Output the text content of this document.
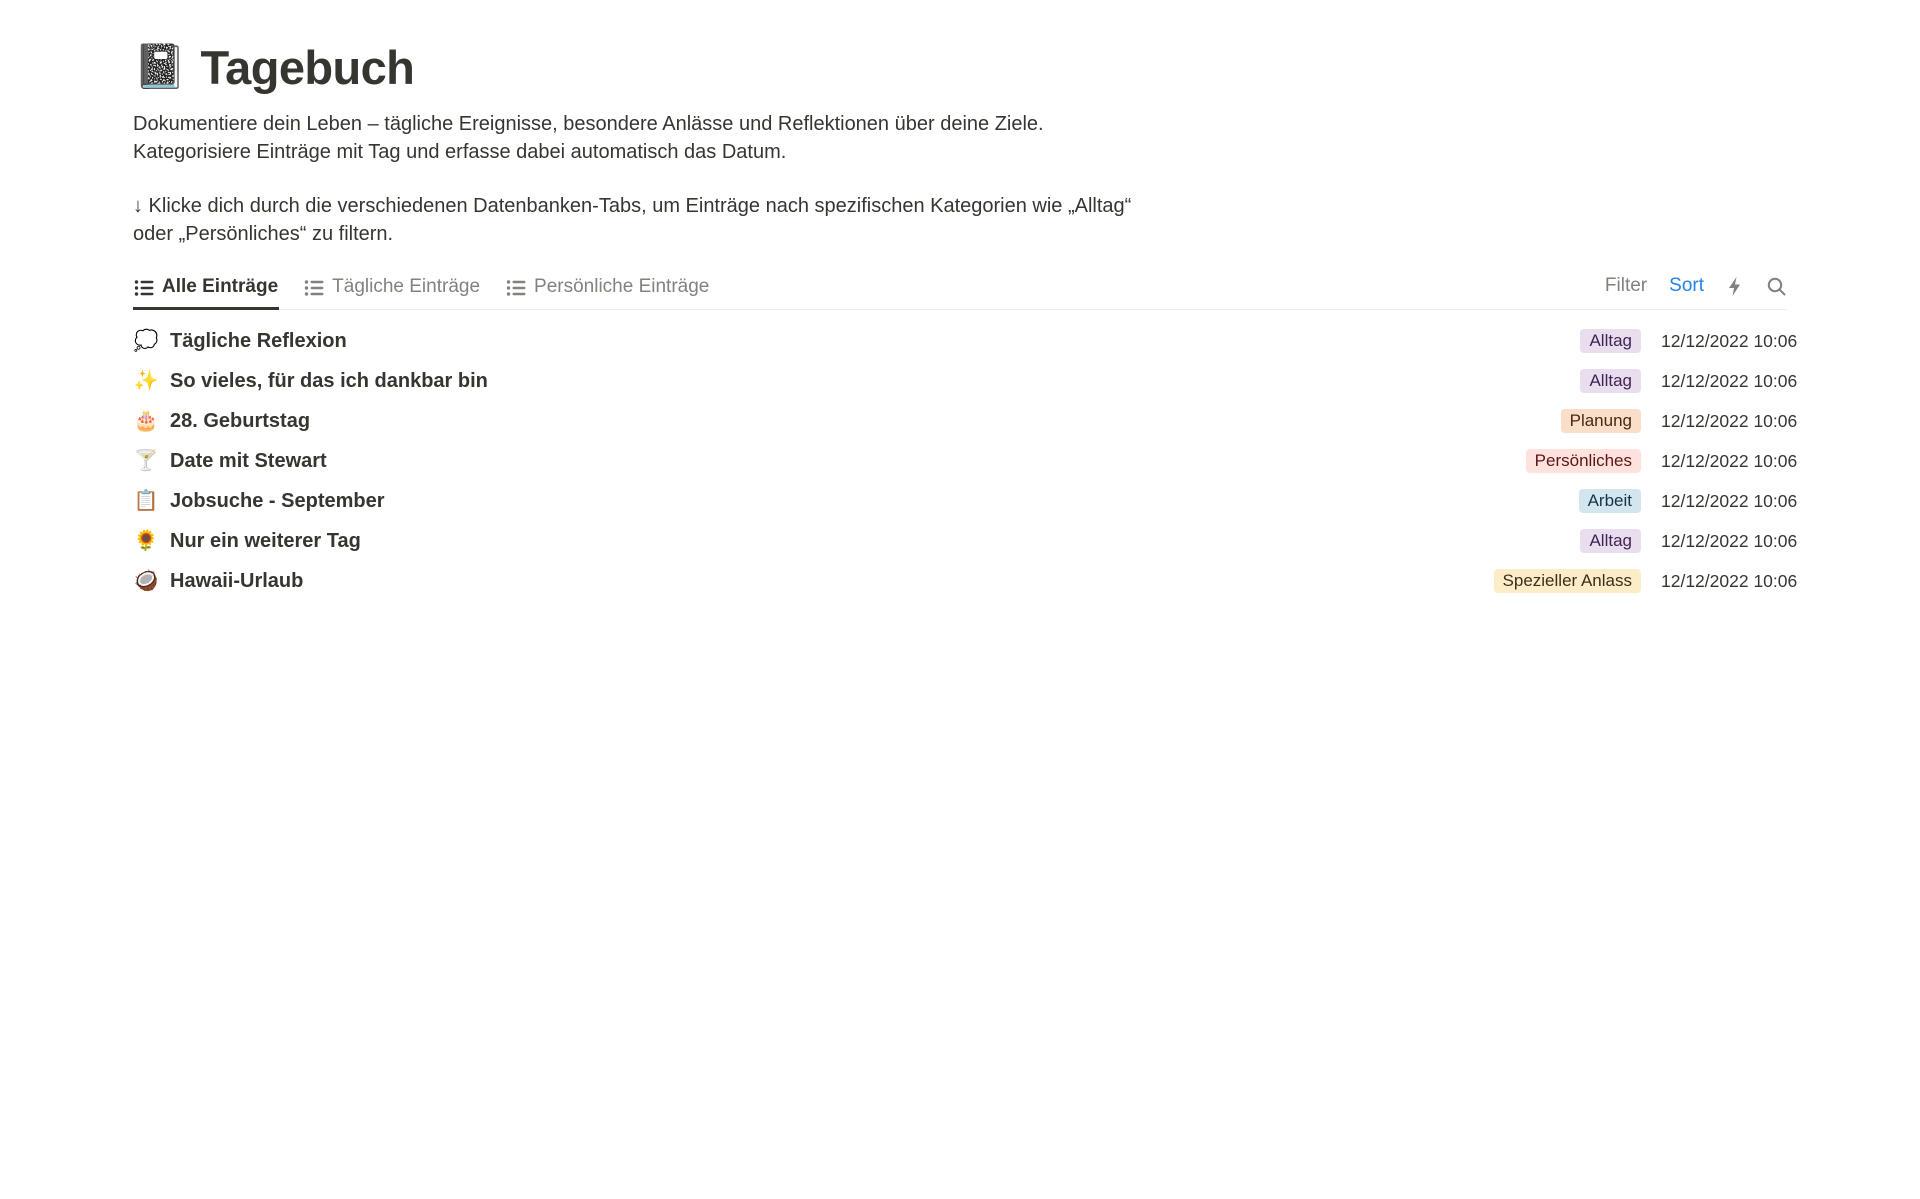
📓 Tagebuch
Dokumentiere dein Leben – tägliche Ereignisse, besondere Anlässe und Reflektionen über deine Ziele.
Kategorisiere Einträge mit Tag und erfasse dabei automatisch das Datum.
↓ Klicke dich durch die verschiedenen Datenbanken-Tabs, um Einträge nach spezifischen Kategorien wie „Alltag“
oder „Persönliches“ zu filtern.
Alle Einträge	Tägliche Einträge	Persönliche Einträge	Filter Sort
💭 Tägliche Reflexion	Alltag	12/12/2022 10:06
✨ So vieles, für das ich dankbar bin	Alltag	12/12/2022 10:06
🎂 28. Geburtstag	Planung	12/12/2022 10:06
🍸 Date mit Stewart	Persönliches	12/12/2022 10:06
📋 Jobsuche - September	Arbeit	12/12/2022 10:06
🌻 Nur ein weiterer Tag	Alltag	12/12/2022 10:06
🥥 Hawaii-Urlaub	Spezieller Anlass	12/12/2022 10:06
